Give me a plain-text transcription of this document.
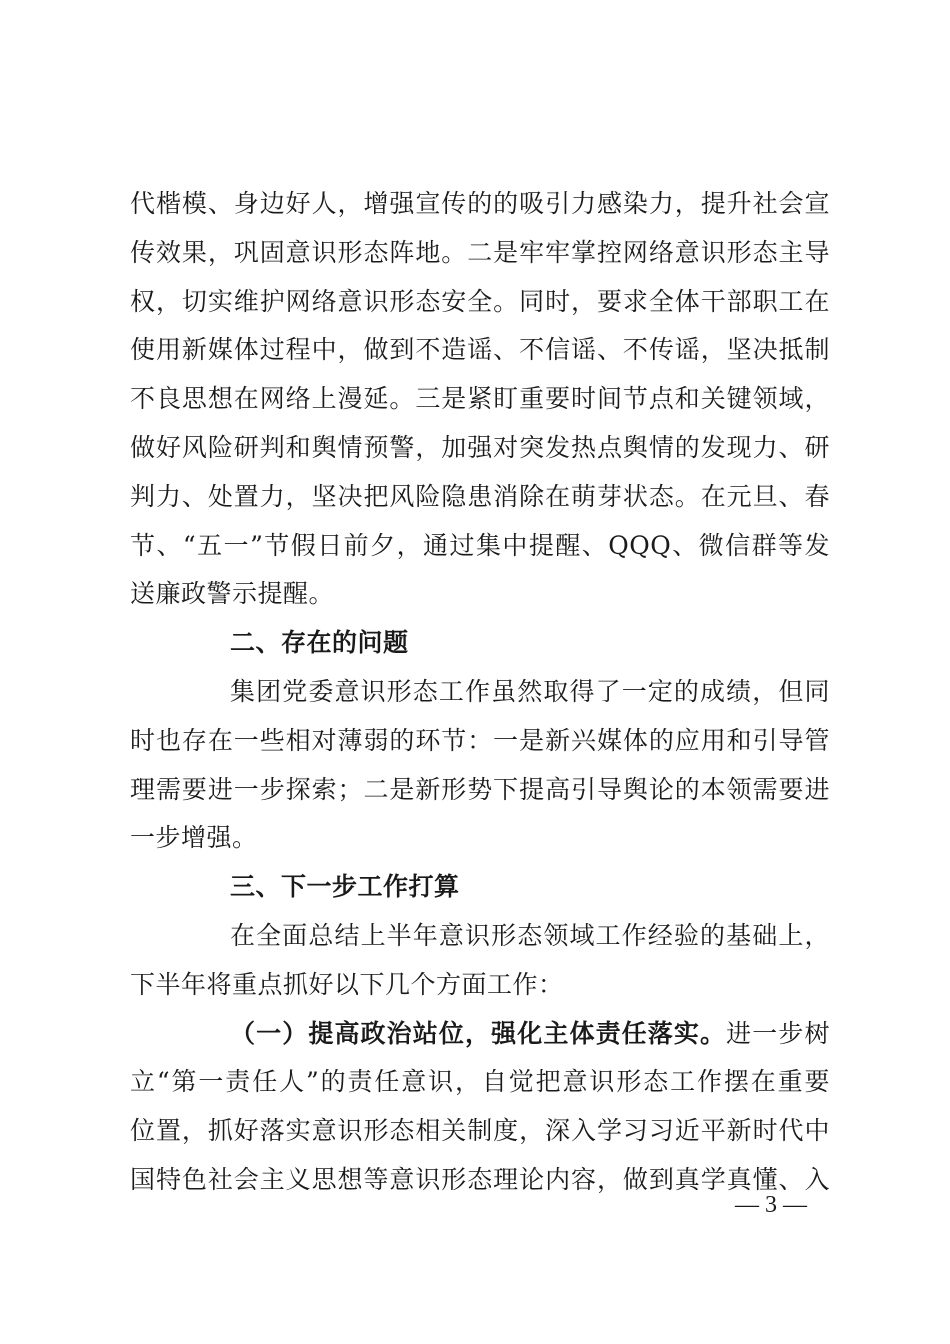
代楷模、身边好人，增强宣传的的吸引力感染力，提升社会宣
传效果，巩固意识形态阵地。二是牢牢掌控网络意识形态主导
权，切实维护网络意识形态安全。同时，要求全体干部职工在
使用新媒体过程中，做到不造谣、不信谣、不传谣，坚决抵制
不良思想在网络上漫延。三是紧盯重要时间节点和关键领域，
做好风险研判和舆情预警，加强对突发热点舆情的发现力、研
判力、处置力，坚决把风险隐患消除在萌芽状态。在元旦、春
节、“五一”节假日前夕，通过集中提醒、QQQ、微信群等发
送廉政警示提醒。
二、存在的问题
集团党委意识形态工作虽然取得了一定的成绩，但同
时也存在一些相对薄弱的环节：一是新兴媒体的应用和引导管
理需要进一步探索；二是新形势下提高引导舆论的本领需要进
一步增强。
三、下一步工作打算
在全面总结上半年意识形态领域工作经验的基础上，
下半年将重点抓好以下几个方面工作：
（一）提高政治站位，强化主体责任落实。进一步树
立“第一责任人”的责任意识，自觉把意识形态工作摆在重要
位置，抓好落实意识形态相关制度，深入学习习近平新时代中
国特色社会主义思想等意识形态理论内容，做到真学真懂、入
— 3 —
